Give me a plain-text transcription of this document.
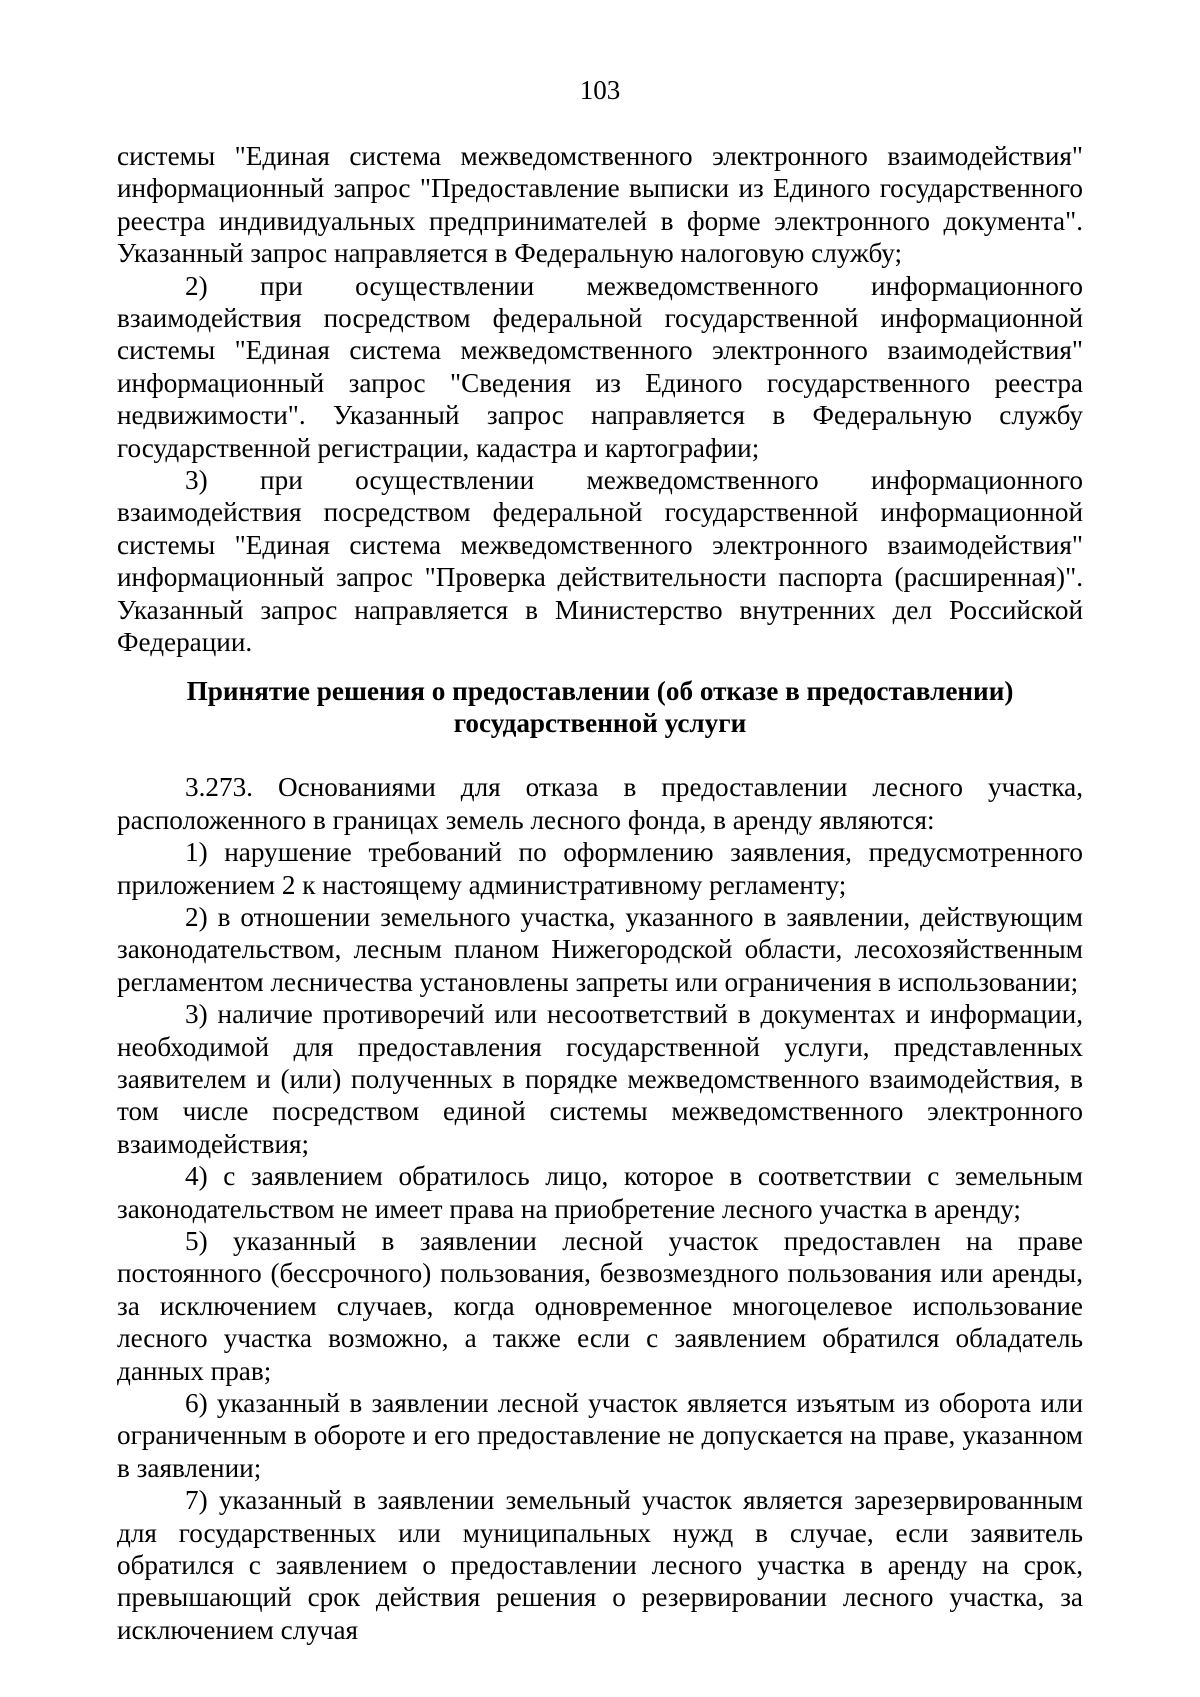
103

системы "Единая система межведомственного электронного взаимодействия" информационный запрос "Предоставление выписки из Единого государственного реестра индивидуальных предпринимателей в форме электронного документа". Указанный запрос направляется в Федеральную налоговую службу;

2) при осуществлении межведомственного информационного взаимодействия посредством федеральной государственной информационной системы "Единая система межведомственного электронного взаимодействия" информационный запрос "Сведения из Единого государственного реестра недвижимости". Указанный запрос направляется в Федеральную службу государственной регистрации, кадастра и картографии;

3) при осуществлении межведомственного информационного взаимодействия посредством федеральной государственной информационной системы "Единая система межведомственного электронного взаимодействия" информационный запрос "Проверка действительности паспорта (расширенная)". Указанный запрос направляется в Министерство внутренних дел Российской Федерации.

Принятие решения о предоставлении (об отказе в предоставлении)
государственной услуги

3.273. Основаниями для отказа в предоставлении лесного участка, расположенного в границах земель лесного фонда, в аренду являются:

1) нарушение требований по оформлению заявления, предусмотренного приложением 2 к настоящему административному регламенту;

2) в отношении земельного участка, указанного в заявлении, действующим законодательством, лесным планом Нижегородской области, лесохозяйственным регламентом лесничества установлены запреты или ограничения в использовании;

3) наличие противоречий или несоответствий в документах и информации, необходимой для предоставления государственной услуги, представленных заявителем и (или) полученных в порядке межведомственного взаимодействия, в том числе посредством единой системы межведомственного электронного взаимодействия;

4) с заявлением обратилось лицо, которое в соответствии с земельным законодательством не имеет права на приобретение лесного участка в аренду;

5) указанный в заявлении лесной участок предоставлен на праве постоянного (бессрочного) пользования, безвозмездного пользования или аренды, за исключением случаев, когда одновременное многоцелевое использование лесного участка возможно, а также если с заявлением обратился обладатель данных прав;

6) указанный в заявлении лесной участок является изъятым из оборота или ограниченным в обороте и его предоставление не допускается на праве, указанном в заявлении;

7) указанный в заявлении земельный участок является зарезервированным для государственных или муниципальных нужд в случае, если заявитель обратился с заявлением о предоставлении лесного участка в аренду на срок, превышающий срок действия решения о резервировании лесного участка, за исключением случая
